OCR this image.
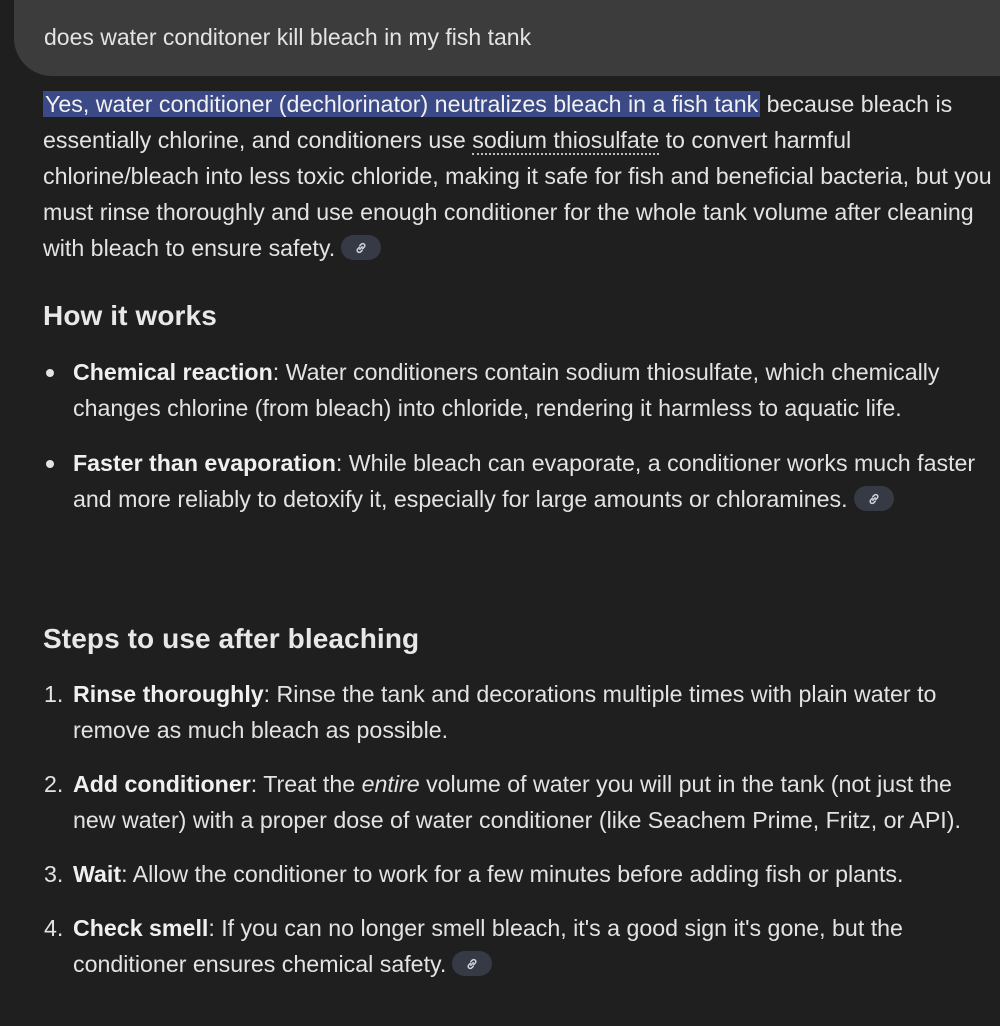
does water conditoner kill bleach in my fish tank
Yes, water conditioner (dechlorinator) neutralizes bleach in a fish tank because bleach is essentially chlorine, and conditioners use sodium thiosulfate to convert harmful chlorine/bleach into less toxic chloride, making it safe for fish and beneficial bacteria, but you must rinse thoroughly and use enough conditioner for the whole tank volume after cleaning with bleach to ensure safety.
How it works
Chemical reaction: Water conditioners contain sodium thiosulfate, which chemically changes chlorine (from bleach) into chloride, rendering it harmless to aquatic life.
Faster than evaporation: While bleach can evaporate, a conditioner works much faster and more reliably to detoxify it, especially for large amounts or chloramines.
Steps to use after bleaching
1. Rinse thoroughly: Rinse the tank and decorations multiple times with plain water to remove as much bleach as possible.
2. Add conditioner: Treat the entire volume of water you will put in the tank (not just the new water) with a proper dose of water conditioner (like Seachem Prime, Fritz, or API).
3. Wait: Allow the conditioner to work for a few minutes before adding fish or plants.
4. Check smell: If you can no longer smell bleach, it's a good sign it's gone, but the conditioner ensures chemical safety.
